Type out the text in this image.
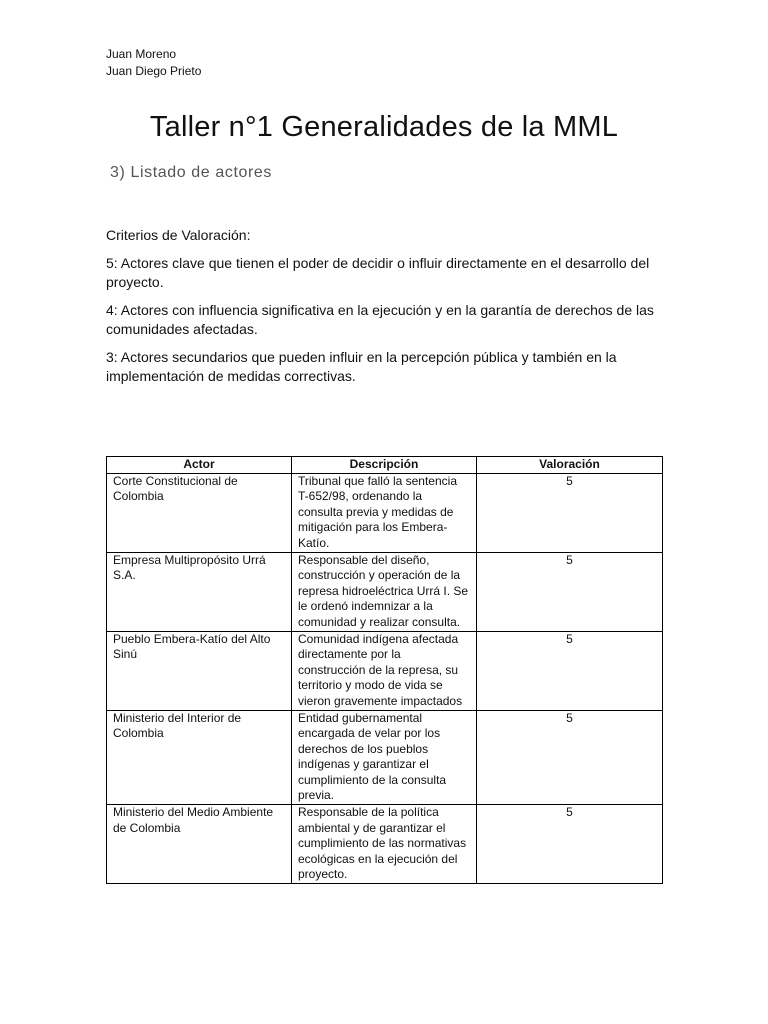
Juan Moreno
Juan Diego Prieto
Taller n°1 Generalidades de la MML
3) Listado de actores

Criterios de Valoración:

5: Actores clave que tienen el poder de decidir o influir directamente en el desarrollo del proyecto.

4: Actores con influencia significativa en la ejecución y en la garantía de derechos de las comunidades afectadas.

3: Actores secundarios que pueden influir en la percepción pública y también en la implementación de medidas correctivas.

Actor	Descripción	Valoración
Corte Constitucional de Colombia	Tribunal que falló la sentencia T-652/98, ordenando la consulta previa y medidas de mitigación para los Embera-Katío.	5
Empresa Multipropósito Urrá S.A.	Responsable del diseño, construcción y operación de la represa hidroeléctrica Urrá I. Se le ordenó indemnizar a la comunidad y realizar consulta.	5
Pueblo Embera-Katío del Alto Sinú	Comunidad indígena afectada directamente por la construcción de la represa, su territorio y modo de vida se vieron gravemente impactados	5
Ministerio del Interior de Colombia	Entidad gubernamental encargada de velar por los derechos de los pueblos indígenas y garantizar el cumplimiento de la consulta previa.	5
Ministerio del Medio Ambiente de Colombia	Responsable de la política ambiental y de garantizar el cumplimiento de las normativas ecológicas en la ejecución del proyecto.	5
